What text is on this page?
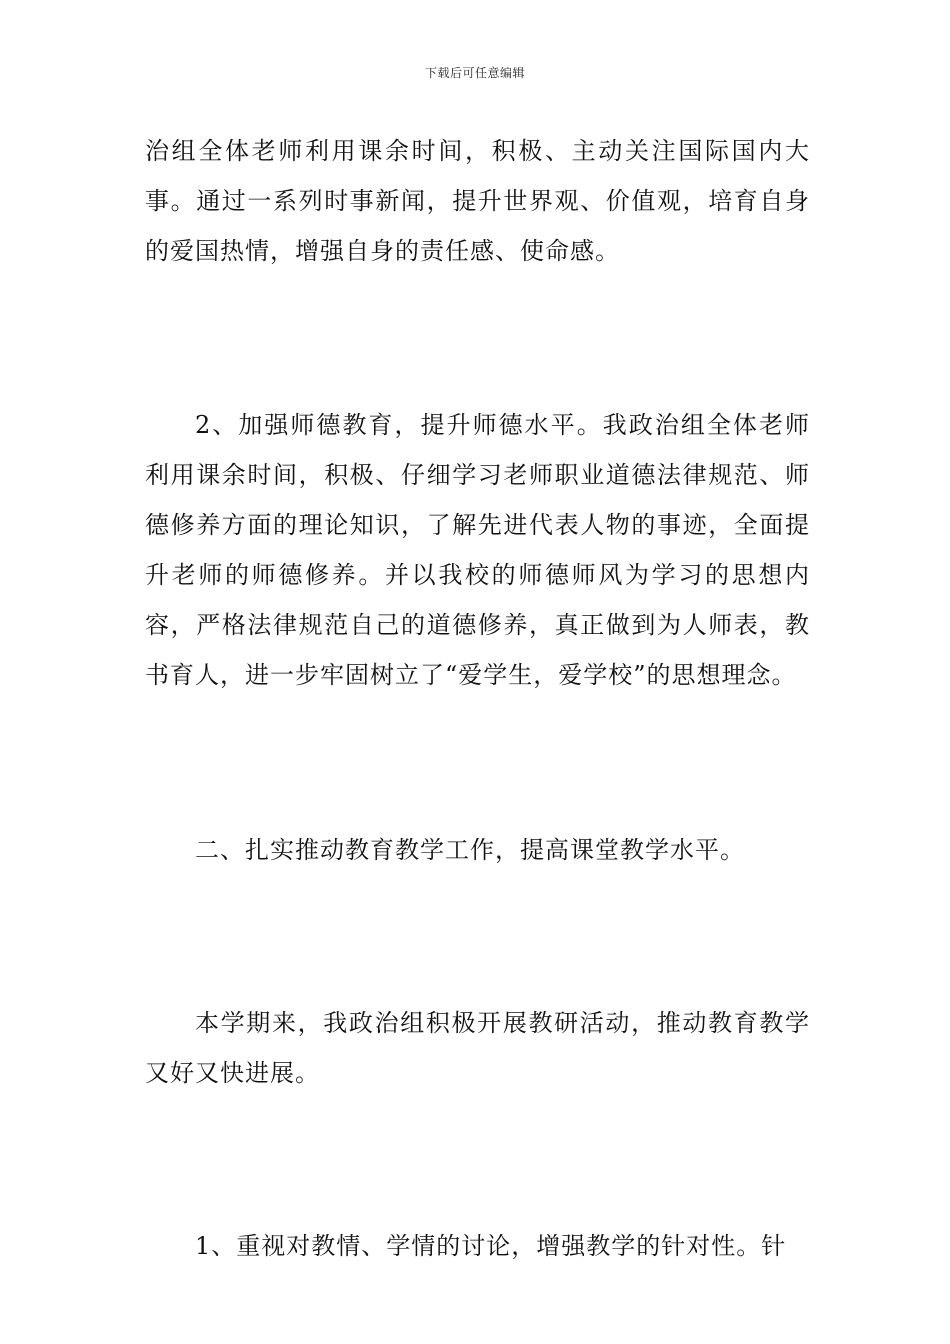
下载后可任意编辑

治组全体老师利用课余时间，积极、主动关注国际国内大事。通过一系列时事新闻，提升世界观、价值观，培育自身的爱国热情，增强自身的责任感、使命感。

2、加强师德教育，提升师德水平。我政治组全体老师利用课余时间，积极、仔细学习老师职业道德法律规范、师德修养方面的理论知识，了解先进代表人物的事迹，全面提升老师的师德修养。并以我校的师德师风为学习的思想内容，严格法律规范自己的道德修养，真正做到为人师表，教书育人，进一步牢固树立了“爱学生，爱学校”的思想理念。

二、扎实推动教育教学工作，提高课堂教学水平。

本学期来，我政治组积极开展教研活动，推动教育教学又好又快进展。

1、重视对教情、学情的讨论，增强教学的针对性。针
